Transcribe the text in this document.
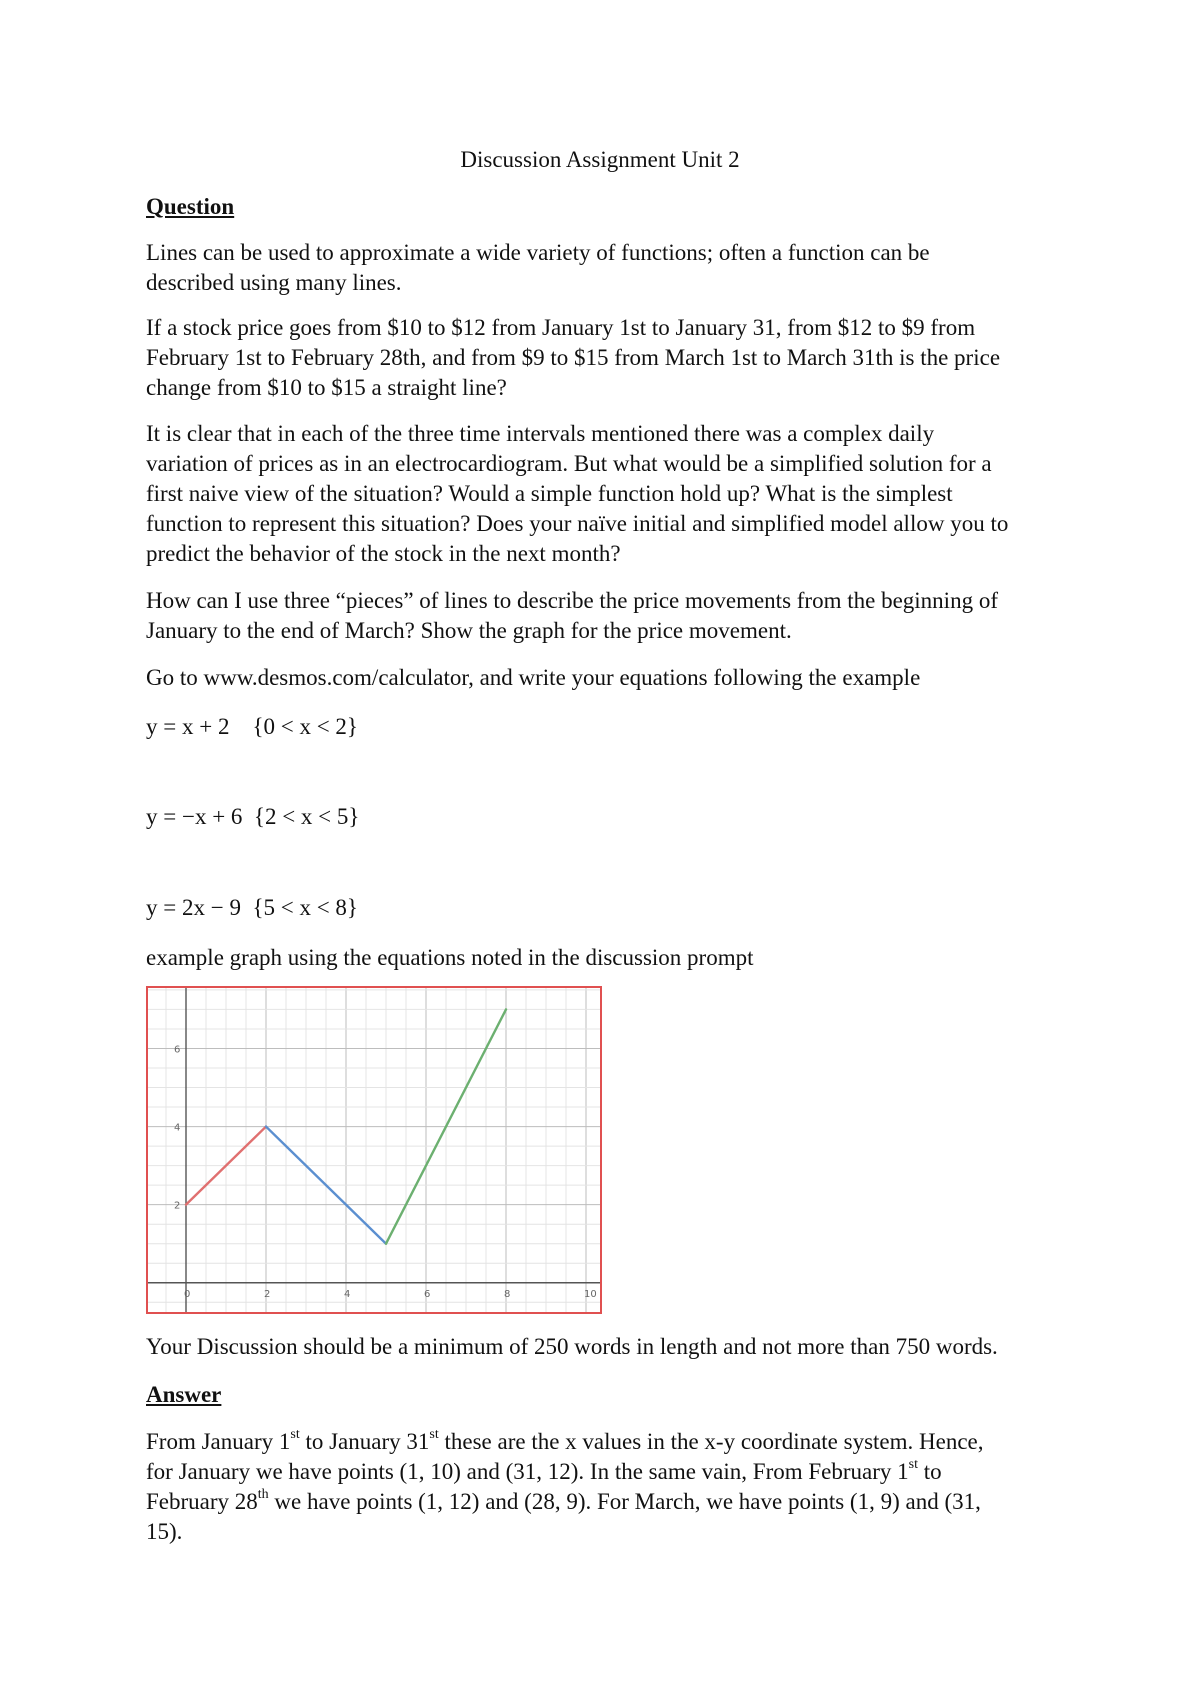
Discussion Assignment Unit 2

Question

Lines can be used to approximate a wide variety of functions; often a function can be

described using many lines.

If a stock price goes from $10 to $12 from January 1st to January 31, from $12 to $9 from

February 1st to February 28th, and from $9 to $15 from March 1st to March 31th is the price

change from $10 to $15 a straight line?

It is clear that in each of the three time intervals mentioned there was a complex daily

variation of prices as in an electrocardiogram. But what would be a simplified solution for a

first naive view of the situation? Would a simple function hold up? What is the simplest

function to represent this situation? Does your naïve initial and simplified model allow you to

predict the behavior of the stock in the next month?

How can I use three “pieces” of lines to describe the price movements from the beginning of

January to the end of March? Show the graph for the price movement.

Go to www.desmos.com/calculator, and write your equations following the example

y = x + 2    {0 < x < 2}

y = −x + 6  {2 < x < 5}

y = 2x − 9  {5 < x < 8}

example graph using the equations noted in the discussion prompt

0	2	4	6	8	10
2
4
6

Your Discussion should be a minimum of 250 words in length and not more than 750 words.

Answer

From January 1st to January 31st these are the x values in the x-y coordinate system. Hence,

for January we have points (1, 10) and (31, 12). In the same vain, From February 1st to

February 28th we have points (1, 12) and (28, 9). For March, we have points (1, 9) and (31,

15).
